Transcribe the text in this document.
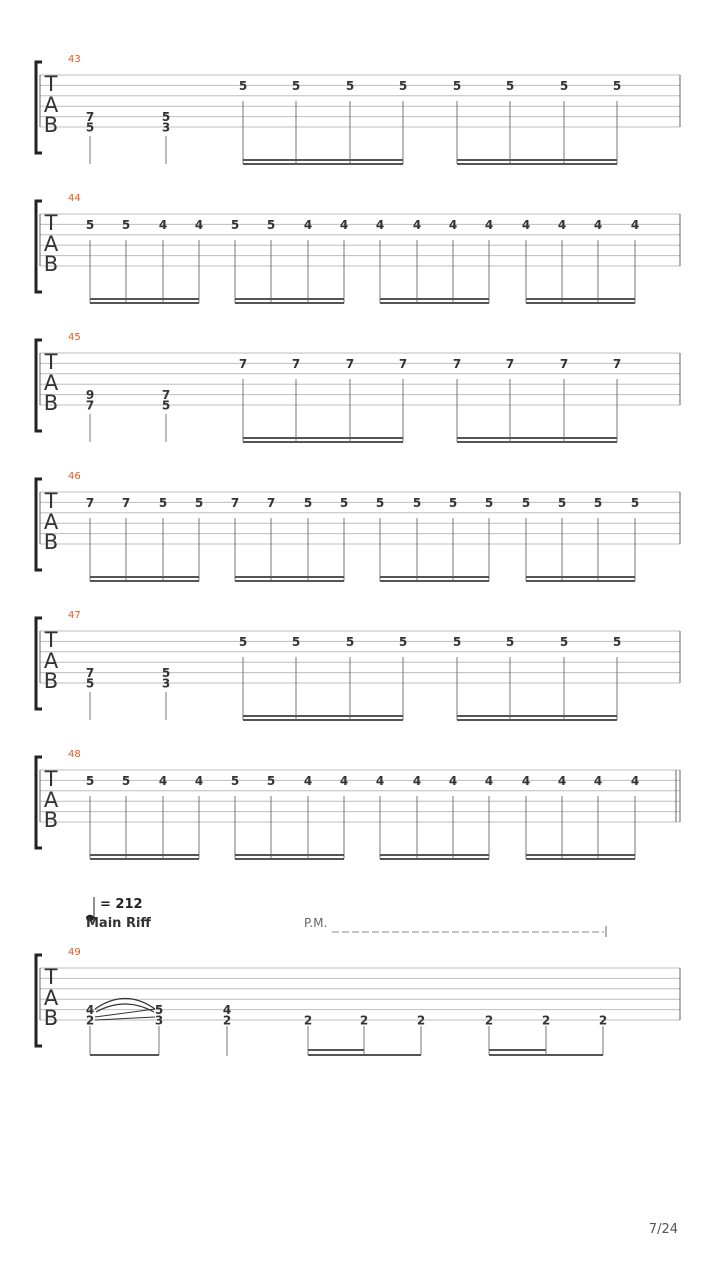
T
A
B
43
7
5
5
3
5	5	5	5	5	5	5	5
T
A
B
44
5 5 4 4 5 5 4 4 4 4 4 4 4 4 4 4
T
A
B
45
9
7
7
5
7	7	7	7	7	7	7	7
T
A
B
46
7 7 5 5 7 7 5 5 5 5 5 5 5 5 5 5
T
A
B
47
7
5
5
3
5	5	5	5	5	5	5	5
T
A
B
48
5 5 4 4 5 5 4 4 4 4 4 4 4 4 4 4
= 212
Main Riff	P.M.
T
A
B
49
4
2
5
3
4
2	2	2	2	2	2	2
7/24
